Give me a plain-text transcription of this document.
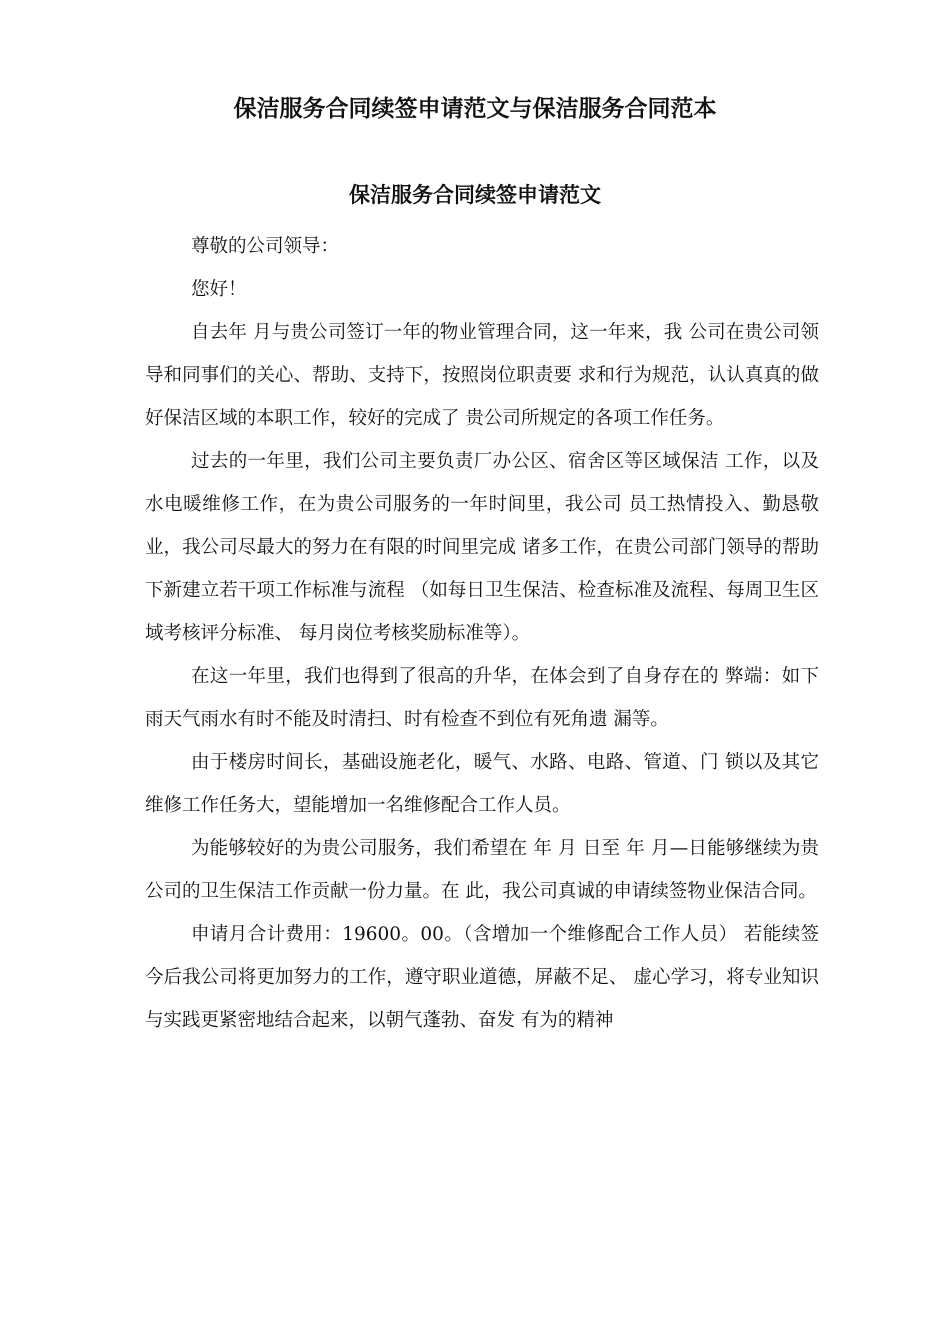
保洁服务合同续签申请范文与保洁服务合同范本
保洁服务合同续签申请范文

尊敬的公司领导：

您好！

自去年 月与贵公司签订一年的物业管理合同，这一年来，我 公司在贵公司领导和同事们的关心、帮助、支持下，按照岗位职责要 求和行为规范，认认真真的做好保洁区域的本职工作，较好的完成了 贵公司所规定的各项工作任务。

过去的一年里，我们公司主要负责厂办公区、宿舍区等区域保洁 工作，以及水电暖维修工作，在为贵公司服务的一年时间里，我公司 员工热情投入、勤恳敬业，我公司尽最大的努力在有限的时间里完成 诸多工作，在贵公司部门领导的帮助下新建立若干项工作标准与流程 （如每日卫生保洁、检查标准及流程、每周卫生区域考核评分标准、 每月岗位考核奖励标准等）。

在这一年里，我们也得到了很高的升华，在体会到了自身存在的 弊端：如下雨天气雨水有时不能及时清扫、时有检查不到位有死角遗 漏等。

由于楼房时间长，基础设施老化，暖气、水路、电路、管道、门 锁以及其它维修工作任务大，望能增加一名维修配合工作人员。

为能够较好的为贵公司服务，我们希望在 年 月 日至 年 月—日能够继续为贵公司的卫生保洁工作贡献一份力量。在 此，我公司真诚的申请续签物业保洁合同。

申请月合计费用：19600。00。（含增加一个维修配合工作人员） 若能续签今后我公司将更加努力的工作，遵守职业道德，屏蔽不足、 虚心学习，将专业知识与实践更紧密地结合起来，以朝气蓬勃、奋发 有为的精神
